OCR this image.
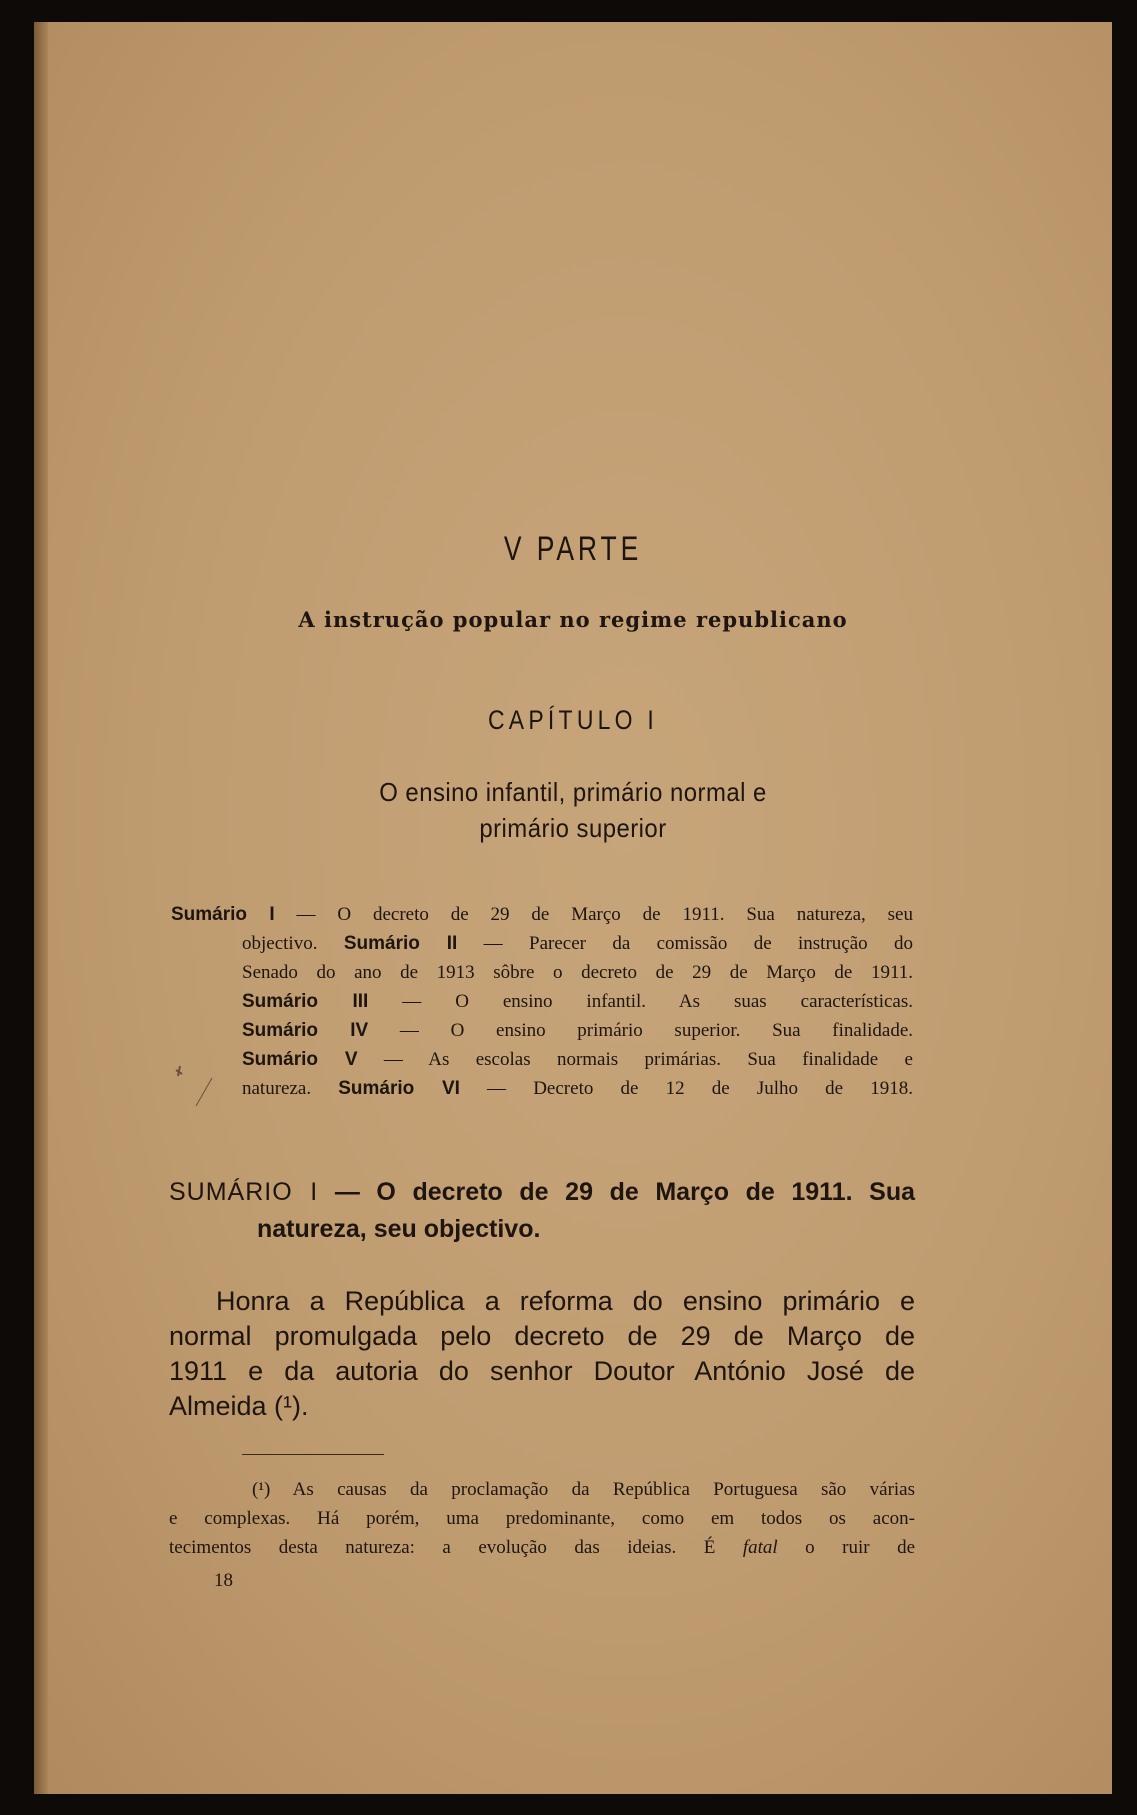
V PARTE
A instrução popular no regime republicano
CAPÍTULO I
O ensino infantil, primário normal e
primário superior
Sumário I — O decreto de 29 de Março de 1911. Sua natureza, seu
objectivo. Sumário II — Parecer da comissão de instrução do
Senado do ano de 1913 sôbre o decreto de 29 de Março de 1911.
Sumário III — O ensino infantil. As suas características.
Sumário IV — O ensino primário superior. Sua finalidade.
Sumário V — As escolas normais primárias. Sua finalidade e
natureza. Sumário VI — Decreto de 12 de Julho de 1918.
SUMÁRIO I — O decreto de 29 de Março de 1911. Sua
natureza, seu objectivo.
Honra a República a reforma do ensino primário e
normal promulgada pelo decreto de 29 de Março de
1911 e da autoria do senhor Doutor António José de
Almeida (¹).
(¹) As causas da proclamação da República Portuguesa são várias
e complexas. Há porém, uma predominante, como em todos os acon-
tecimentos desta natureza: a evolução das ideias. É fatal o ruir de
18
